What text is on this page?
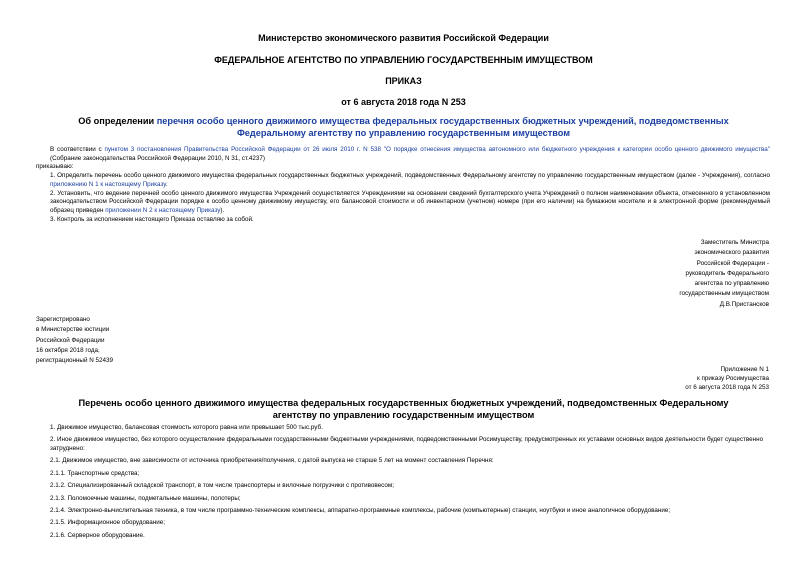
Министерство экономического развития Российской Федерации
ФЕДЕРАЛЬНОЕ АГЕНТСТВО ПО УПРАВЛЕНИЮ ГОСУДАРСТВЕННЫМ ИМУЩЕСТВОМ
ПРИКАЗ
от 6 августа 2018 года N 253
Об определении перечня особо ценного движимого имущества федеральных государственных бюджетных учреждений, подведомственных Федеральному агентству по управлению государственным имуществом
В соответствии с пунктом 3 постановления Правительства Российской Федерации от 26 июля 2010 г. N 538 "О порядке отнесения имущества автономного или бюджетного учреждения к категории особо ценного движимого имущества" (Собрание законодательства Российской Федерации 2010, N 31, ст.4237)
приказываю:
1. Определить перечень особо ценного движимого имущества федеральных государственных бюджетных учреждений, подведомственных Федеральному агентству по управлению государственным имуществом (далее - Учреждения), согласно приложению N 1 к настоящему Приказу.
2. Установить, что ведение перечней особо ценного движимого имущества Учреждений осуществляется Учреждениями на основании сведений бухгалтерского учета Учреждений о полном наименовании объекта, отнесенного в установленном законодательством Российской Федерации порядке к особо ценному движимому имуществу, его балансовой стоимости и об инвентарном (учетном) номере (при его наличии) на бумажном носителе и в электронной форме (рекомендуемый образец приведен приложении N 2 к настоящему Приказу).
3. Контроль за исполнением настоящего Приказа оставляю за собой.
Заместитель Министра
экономического развития
Российской Федерации -
руководитель Федерального
агентства по управлению
государственным имуществом
Д.В.Пристансков
Зарегистрировано
в Министерстве юстиции
Российской Федерации
16 октября 2018 года,
регистрационный N 52439
Приложение N 1
к приказу Росимущества
от 6 августа 2018 года N 253
Перечень особо ценного движимого имущества федеральных государственных бюджетных учреждений, подведомственных Федеральному агентству по управлению государственным имуществом
1. Движимое имущество, балансовая стоимость которого равна или превышает 500 тыс.руб.
2. Иное движимое имущество, без которого осуществление федеральными государственными бюджетными учреждениями, подведомственными Росимуществу, предусмотренных их уставами основных видов деятельности будет существенно затруднено:
2.1. Движимое имущество, вне зависимости от источника приобретения/получения, с датой выпуска не старше 5 лет на момент составления Перечня:
2.1.1. Транспортные средства;
2.1.2. Специализированный складской транспорт, в том числе транспортеры и вилочные погрузчики с противовесом;
2.1.3. Поломоечные машины, подметальные машины, полотеры;
2.1.4. Электронно-вычислительная техника, в том числе программно-технические комплексы, аппаратно-программные комплексы, рабочие (компьютерные) станции, ноутбуки и иное аналогичное оборудование;
2.1.5. Информационное оборудование;
2.1.6. Серверное оборудование.
